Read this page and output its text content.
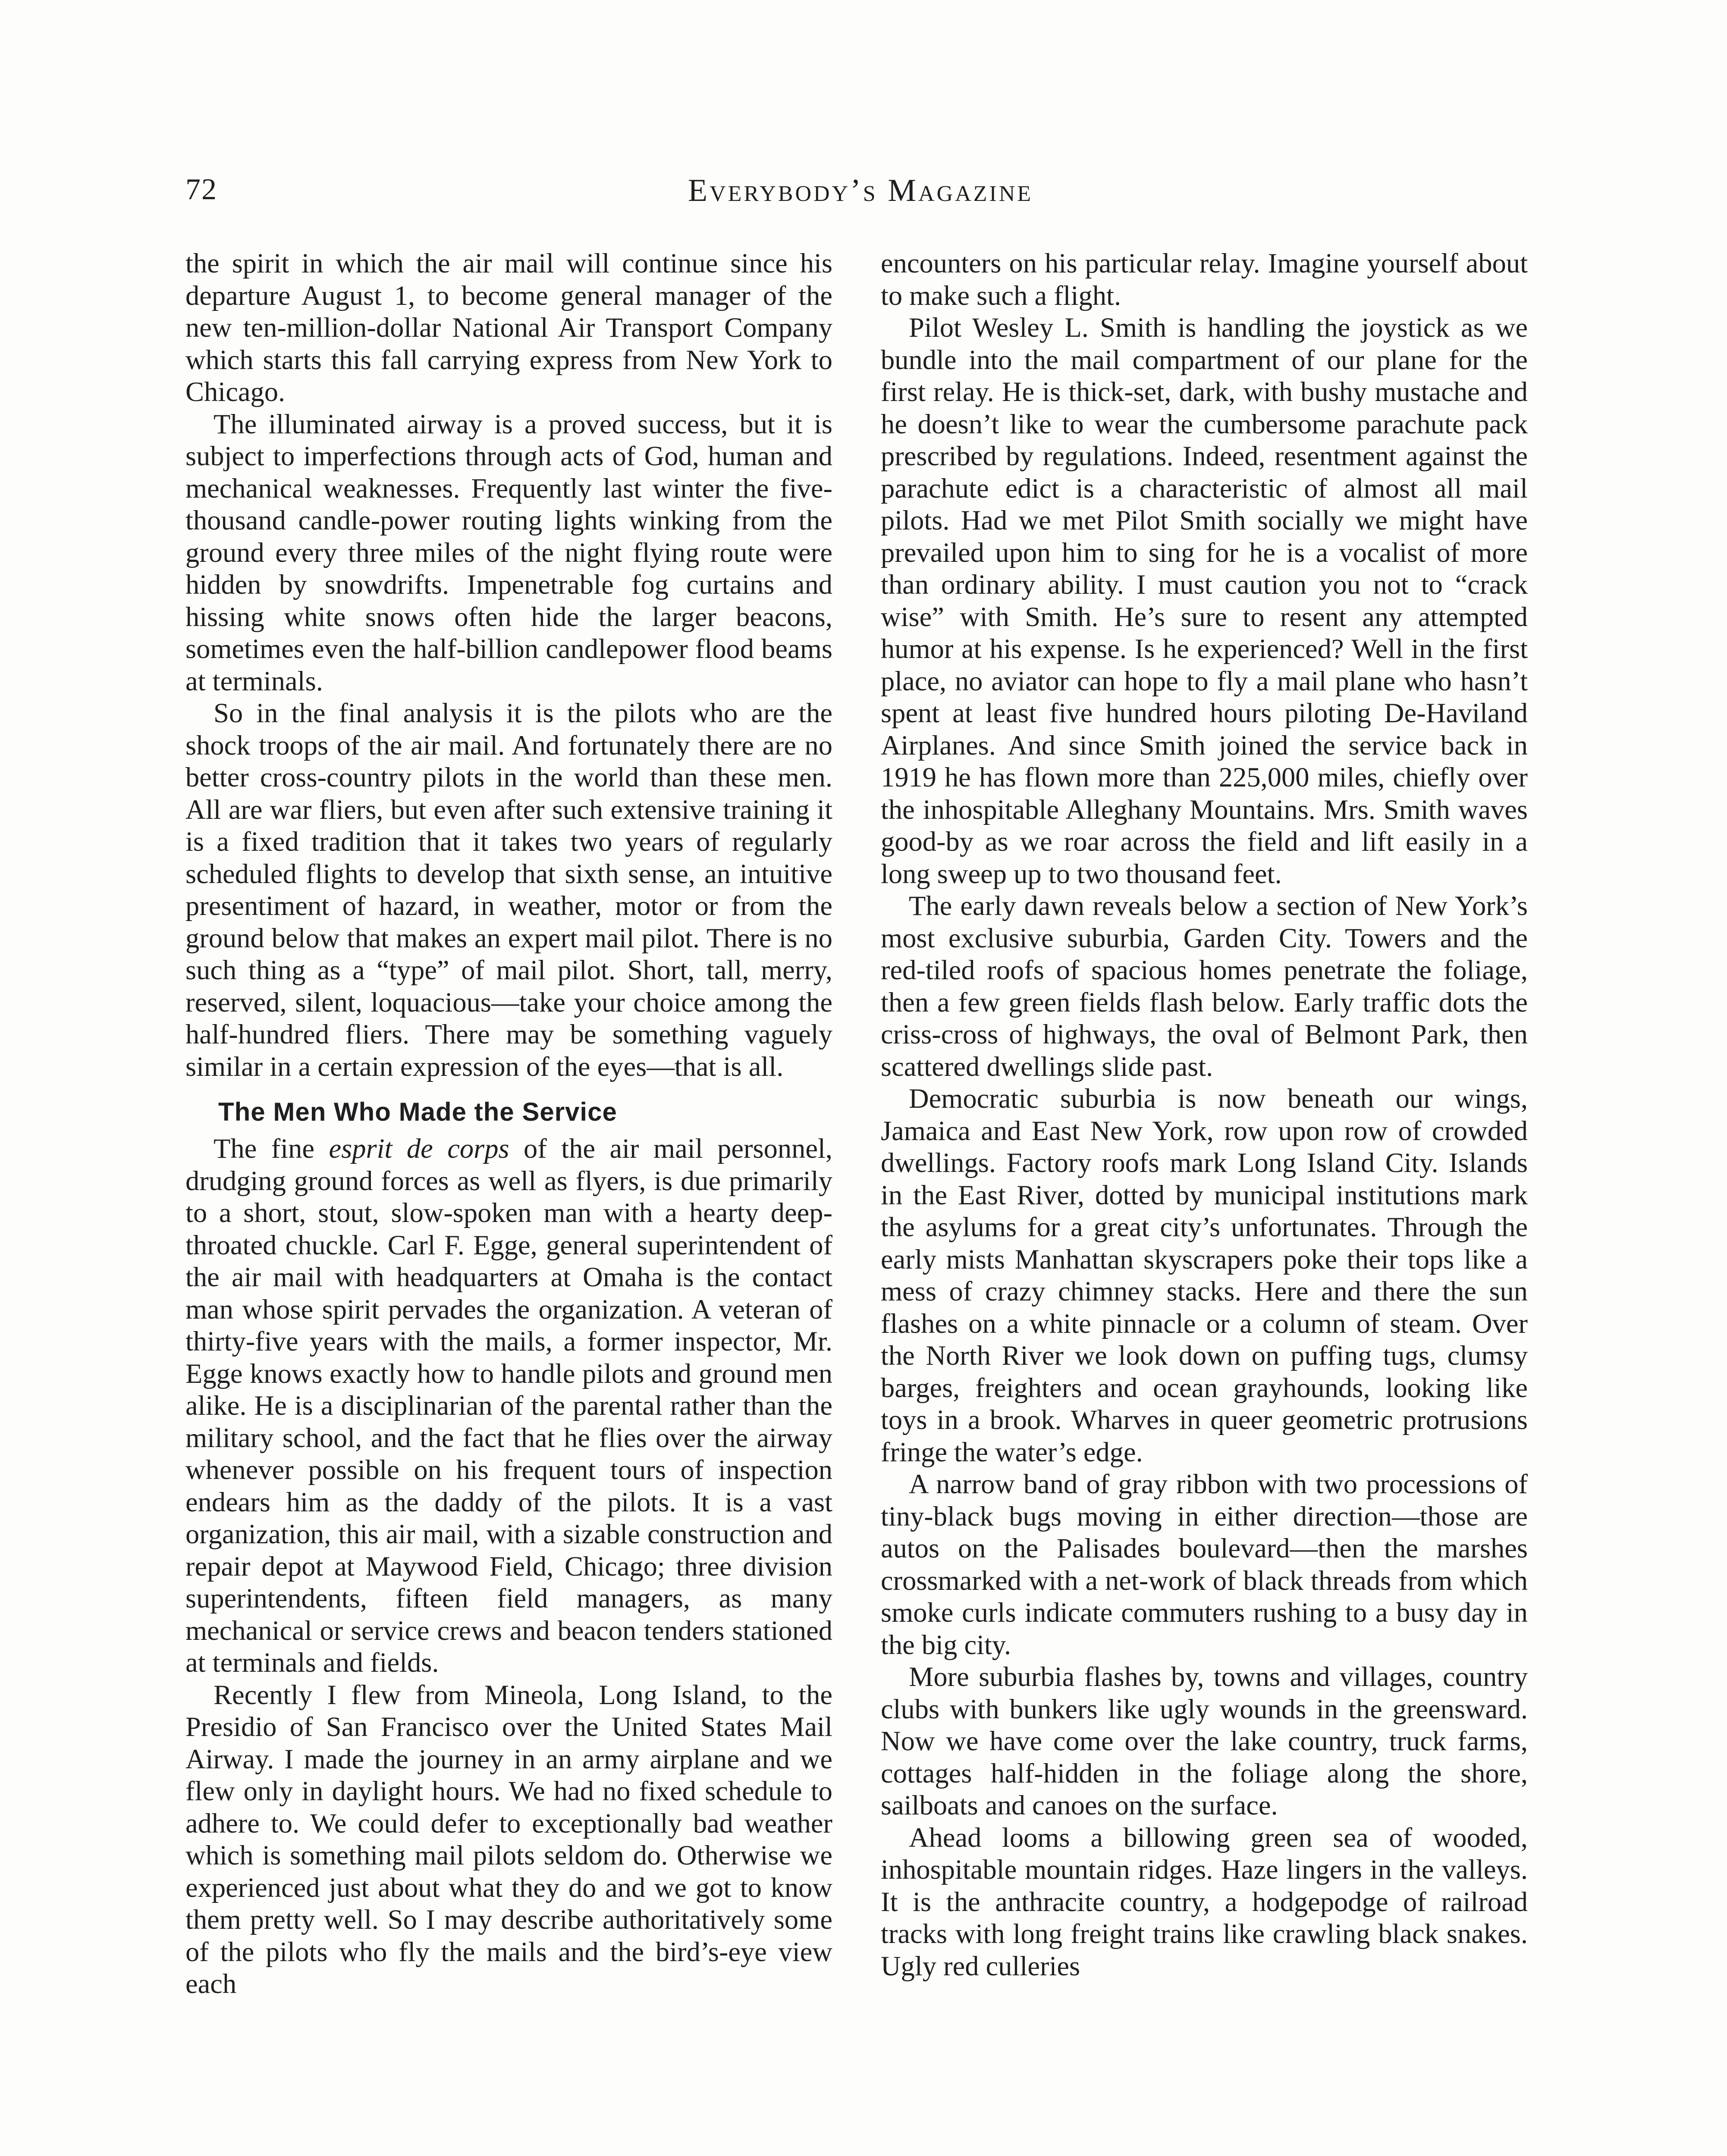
72	Everybody’s Magazine

the spirit in which the air mail will continue since his departure August 1, to become general manager of the new ten-million-dollar National Air Transport Company which starts this fall carrying express from New York to Chicago.

The illuminated airway is a proved success, but it is subject to imperfections through acts of God, human and mechanical weaknesses. Frequently last winter the five-thousand candle-power routing lights winking from the ground every three miles of the night flying route were hidden by snowdrifts. Impenetrable fog curtains and hissing white snows often hide the larger beacons, sometimes even the half-billion candlepower flood beams at terminals.

So in the final analysis it is the pilots who are the shock troops of the air mail. And fortunately there are no better cross-country pilots in the world than these men. All are war fliers, but even after such extensive training it is a fixed tradition that it takes two years of regularly scheduled flights to develop that sixth sense, an intuitive presentiment of hazard, in weather, motor or from the ground below that makes an expert mail pilot. There is no such thing as a “type” of mail pilot. Short, tall, merry, reserved, silent, loquacious—take your choice among the half-hundred fliers. There may be something vaguely similar in a certain expression of the eyes—that is all.

The Men Who Made the Service

The fine esprit de corps of the air mail personnel, drudging ground forces as well as flyers, is due primarily to a short, stout, slow-spoken man with a hearty deep-throated chuckle. Carl F. Egge, general superintendent of the air mail with headquarters at Omaha is the contact man whose spirit pervades the organization. A veteran of thirty-five years with the mails, a former inspector, Mr. Egge knows exactly how to handle pilots and ground men alike. He is a disciplinarian of the parental rather than the military school, and the fact that he flies over the airway whenever possible on his frequent tours of inspection endears him as the daddy of the pilots. It is a vast organization, this air mail, with a sizable construction and repair depot at Maywood Field, Chicago; three division superintendents, fifteen field managers, as many mechanical or service crews and beacon tenders stationed at terminals and fields.

Recently I flew from Mineola, Long Island, to the Presidio of San Francisco over the United States Mail Airway. I made the journey in an army airplane and we flew only in daylight hours. We had no fixed schedule to adhere to. We could defer to exceptionally bad weather which is something mail pilots seldom do. Otherwise we experienced just about what they do and we got to know them pretty well. So I may describe authoritatively some of the pilots who fly the mails and the bird’s-eye view each

encounters on his particular relay. Imagine yourself about to make such a flight.

Pilot Wesley L. Smith is handling the joystick as we bundle into the mail compartment of our plane for the first relay. He is thick-set, dark, with bushy mustache and he doesn’t like to wear the cumbersome parachute pack prescribed by regulations. Indeed, resentment against the parachute edict is a characteristic of almost all mail pilots. Had we met Pilot Smith socially we might have prevailed upon him to sing for he is a vocalist of more than ordinary ability. I must caution you not to “crack wise” with Smith. He’s sure to resent any attempted humor at his expense. Is he experienced? Well in the first place, no aviator can hope to fly a mail plane who hasn’t spent at least five hundred hours piloting De-Haviland Airplanes. And since Smith joined the service back in 1919 he has flown more than 225,000 miles, chiefly over the inhospitable Alleghany Mountains. Mrs. Smith waves good-by as we roar across the field and lift easily in a long sweep up to two thousand feet.

The early dawn reveals below a section of New York’s most exclusive suburbia, Garden City. Towers and the red-tiled roofs of spacious homes penetrate the foliage, then a few green fields flash below. Early traffic dots the criss-cross of highways, the oval of Belmont Park, then scattered dwellings slide past.

Democratic suburbia is now beneath our wings, Jamaica and East New York, row upon row of crowded dwellings. Factory roofs mark Long Island City. Islands in the East River, dotted by municipal institutions mark the asylums for a great city’s unfortunates. Through the early mists Manhattan skyscrapers poke their tops like a mess of crazy chimney stacks. Here and there the sun flashes on a white pinnacle or a column of steam. Over the North River we look down on puffing tugs, clumsy barges, freighters and ocean grayhounds, looking like toys in a brook. Wharves in queer geometric protrusions fringe the water’s edge.

A narrow band of gray ribbon with two processions of tiny-black bugs moving in either direction—those are autos on the Palisades boulevard—then the marshes crossmarked with a net-work of black threads from which smoke curls indicate commuters rushing to a busy day in the big city.

More suburbia flashes by, towns and villages, country clubs with bunkers like ugly wounds in the greensward. Now we have come over the lake country, truck farms, cottages half-hidden in the foliage along the shore, sailboats and canoes on the surface.

Ahead looms a billowing green sea of wooded, inhospitable mountain ridges. Haze lingers in the valleys. It is the anthracite country, a hodgepodge of railroad tracks with long freight trains like crawling black snakes. Ugly red culleries
